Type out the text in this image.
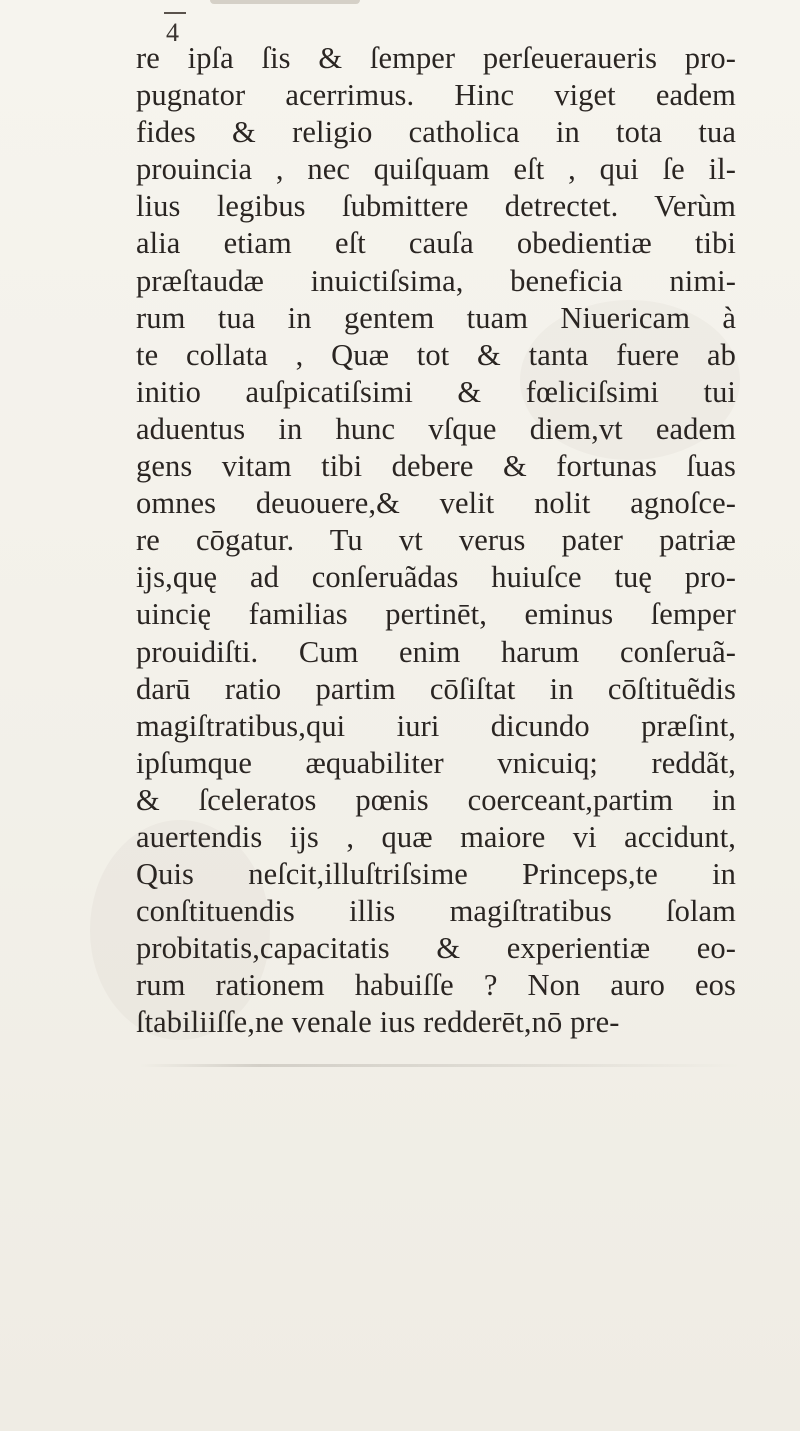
4
re ipſa ſis & ſemper perſeueraueris pro-
pugnator acerrimus. Hinc viget eadem
fides & religio catholica in tota tua
prouincia , nec quiſquam eſt , qui ſe il-
lius legibus ſubmittere detrectet. Verùm
alia etiam eſt cauſa obedientiæ tibi
præſtaudæ inuictiſsima, beneficia nimi-
rum tua in gentem tuam Niuericam à
te collata , Quæ tot & tanta fuere ab
initio auſpicatiſsimi & fœliciſsimi tui
aduentus in hunc vſque diem,vt eadem
gens vitam tibi debere & fortunas ſuas
omnes deuouere,& velit nolit agnoſce-
re cōgatur. Tu vt verus pater patriæ
ijs,quę ad conſeruãdas huiuſce tuę pro-
uincię familias pertinēt, eminus ſemper
prouidiſti. Cum enim harum conſeruã-
darū ratio partim cōſiſtat in cōſtituẽdis
magiſtratibus,qui iuri dicundo præſint,
ipſumque æquabiliter vnicuiq; reddãt,
& ſceleratos pœnis coerceant,partim in
auertendis ijs , quæ maiore vi accidunt,
Quis neſcit,illuſtriſsime Princeps,te in
conſtituendis illis magiſtratibus ſolam
probitatis,capacitatis & experientiæ eo-
rum rationem habuiſſe ? Non auro eos
ſtabiliiſſe,ne venale ius redderēt,nō pre-
